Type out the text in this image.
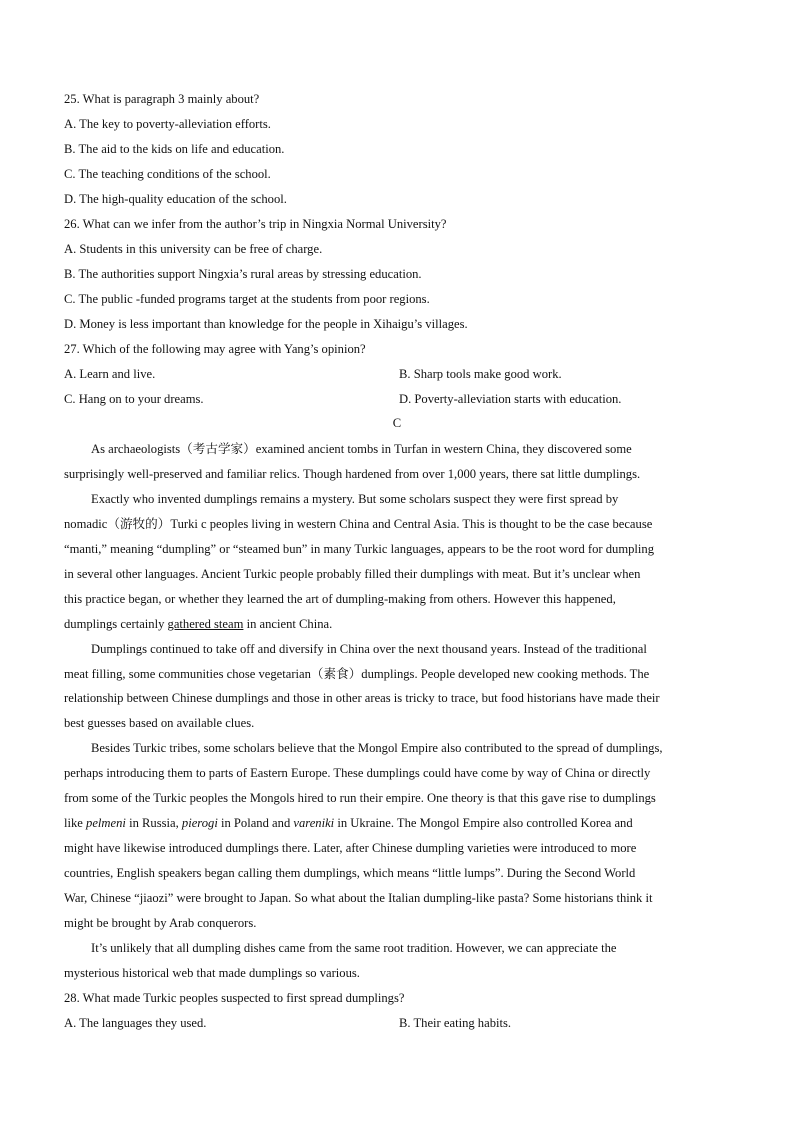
25. What is paragraph 3 mainly about?
A. The key to poverty-alleviation efforts.
B. The aid to the kids on life and education.
C. The teaching conditions of the school.
D. The high-quality education of the school.
26. What can we infer from the author’s trip in Ningxia Normal University?
A. Students in this university can be free of charge.
B. The authorities support Ningxia’s rural areas by stressing education.
C. The public -funded programs target at the students from poor regions.
D. Money is less important than knowledge for the people in Xihaigu’s villages.
27. Which of the following may agree with Yang’s opinion?
A. Learn and live.	B. Sharp tools make good work.
C. Hang on to your dreams.	D. Poverty-alleviation starts with education.
C
As archaeologists（考古学家）examined ancient tombs in Turfan in western China, they discovered some
surprisingly well-preserved and familiar relics. Though hardened from over 1,000 years, there sat little dumplings.
Exactly who invented dumplings remains a mystery. But some scholars suspect they were first spread by
nomadic（游牧的）Turki c peoples living in western China and Central Asia. This is thought to be the case because
“manti,” meaning “dumpling” or “steamed bun” in many Turkic languages, appears to be the root word for dumpling
in several other languages. Ancient Turkic people probably filled their dumplings with meat. But it’s unclear when
this practice began, or whether they learned the art of dumpling-making from others. However this happened,
dumplings certainly gathered steam in ancient China.
Dumplings continued to take off and diversify in China over the next thousand years. Instead of the traditional
meat filling, some communities chose vegetarian（素食）dumplings. People developed new cooking methods. The
relationship between Chinese dumplings and those in other areas is tricky to trace, but food historians have made their
best guesses based on available clues.
Besides Turkic tribes, some scholars believe that the Mongol Empire also contributed to the spread of dumplings,
perhaps introducing them to parts of Eastern Europe. These dumplings could have come by way of China or directly
from some of the Turkic peoples the Mongols hired to run their empire. One theory is that this gave rise to dumplings
like pelmeni in Russia, pierogi in Poland and vareniki in Ukraine. The Mongol Empire also controlled Korea and
might have likewise introduced dumplings there. Later, after Chinese dumpling varieties were introduced to more
countries, English speakers began calling them dumplings, which means “little lumps”. During the Second World
War, Chinese “jiaozi” were brought to Japan. So what about the Italian dumpling-like pasta? Some historians think it
might be brought by Arab conquerors.
It’s unlikely that all dumpling dishes came from the same root tradition. However, we can appreciate the
mysterious historical web that made dumplings so various.
28. What made Turkic peoples suspected to first spread dumplings?
A. The languages they used.	B. Their eating habits.
